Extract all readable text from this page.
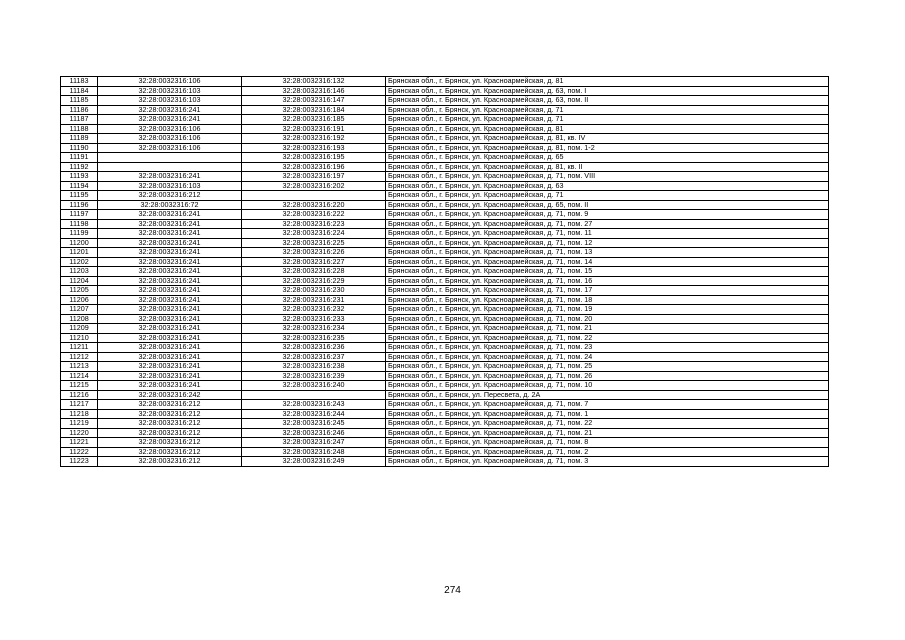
11183	32:28:0032316:106	32:28:0032316:132	Брянская обл., г. Брянск, ул. Красноармейская, д. 81
11184	32:28:0032316:103	32:28:0032316:146	Брянская обл., г. Брянск, ул. Красноармейская, д. 63, пом. I
11185	32:28:0032316:103	32:28:0032316:147	Брянская обл., г. Брянск, ул. Красноармейская, д. 63, пом. II
11186	32:28:0032316:241	32:28:0032316:184	Брянская обл., г. Брянск, ул. Красноармейская, д. 71
11187	32:28:0032316:241	32:28:0032316:185	Брянская обл., г. Брянск, ул. Красноармейская, д. 71
11188	32:28:0032316:106	32:28:0032316:191	Брянская обл., г. Брянск, ул. Красноармейская, д. 81
11189	32:28:0032316:106	32:28:0032316:192	Брянская обл., г. Брянск, ул. Красноармейская, д. 81, кв. IV
11190	32:28:0032316:106	32:28:0032316:193	Брянская обл., г. Брянск, ул. Красноармейская, д. 81, пом. 1-2
11191		32:28:0032316:195	Брянская обл., г. Брянск, ул. Красноармейская, д. 65
11192		32:28:0032316:196	Брянская обл., г. Брянск, ул. Красноармейская, д. 81, кв. II
11193	32:28:0032316:241	32:28:0032316:197	Брянская обл., г. Брянск, ул. Красноармейская, д. 71, пом. VIII
11194	32:28:0032316:103	32:28:0032316:202	Брянская обл., г. Брянск, ул. Красноармейская, д. 63
11195	32:28:0032316:212		Брянская обл., г. Брянск, ул. Красноармейская, д. 71
11196	32:28:0032316:72	32:28:0032316:220	Брянская обл., г. Брянск, ул. Красноармейская, д. 65, пом. II
11197	32:28:0032316:241	32:28:0032316:222	Брянская обл., г. Брянск, ул. Красноармейская, д. 71, пом. 9
11198	32:28:0032316:241	32:28:0032316:223	Брянская обл., г. Брянск, ул. Красноармейская, д. 71, пом. 27
11199	32:28:0032316:241	32:28:0032316:224	Брянская обл., г. Брянск, ул. Красноармейская, д. 71, пом. 11
11200	32:28:0032316:241	32:28:0032316:225	Брянская обл., г. Брянск, ул. Красноармейская, д. 71, пом. 12
11201	32:28:0032316:241	32:28:0032316:226	Брянская обл., г. Брянск, ул. Красноармейская, д. 71, пом. 13
11202	32:28:0032316:241	32:28:0032316:227	Брянская обл., г. Брянск, ул. Красноармейская, д. 71, пом. 14
11203	32:28:0032316:241	32:28:0032316:228	Брянская обл., г. Брянск, ул. Красноармейская, д. 71, пом. 15
11204	32:28:0032316:241	32:28:0032316:229	Брянская обл., г. Брянск, ул. Красноармейская, д. 71, пом. 16
11205	32:28:0032316:241	32:28:0032316:230	Брянская обл., г. Брянск, ул. Красноармейская, д. 71, пом. 17
11206	32:28:0032316:241	32:28:0032316:231	Брянская обл., г. Брянск, ул. Красноармейская, д. 71, пом. 18
11207	32:28:0032316:241	32:28:0032316:232	Брянская обл., г. Брянск, ул. Красноармейская, д. 71, пом. 19
11208	32:28:0032316:241	32:28:0032316:233	Брянская обл., г. Брянск, ул. Красноармейская, д. 71, пом. 20
11209	32:28:0032316:241	32:28:0032316:234	Брянская обл., г. Брянск, ул. Красноармейская, д. 71, пом. 21
11210	32:28:0032316:241	32:28:0032316:235	Брянская обл., г. Брянск, ул. Красноармейская, д. 71, пом. 22
11211	32:28:0032316:241	32:28:0032316:236	Брянская обл., г. Брянск, ул. Красноармейская, д. 71, пом. 23
11212	32:28:0032316:241	32:28:0032316:237	Брянская обл., г. Брянск, ул. Красноармейская, д. 71, пом. 24
11213	32:28:0032316:241	32:28:0032316:238	Брянская обл., г. Брянск, ул. Красноармейская, д. 71, пом. 25
11214	32:28:0032316:241	32:28:0032316:239	Брянская обл., г. Брянск, ул. Красноармейская, д. 71, пом. 26
11215	32:28:0032316:241	32:28:0032316:240	Брянская обл., г. Брянск, ул. Красноармейская, д. 71, пом. 10
11216	32:28:0032316:242		Брянская обл., г. Брянск, ул. Пересвета, д. 2А
11217	32:28:0032316:212	32:28:0032316:243	Брянская обл., г. Брянск, ул. Красноармейская, д. 71, пом. 7
11218	32:28:0032316:212	32:28:0032316:244	Брянская обл., г. Брянск, ул. Красноармейская, д. 71, пом. 1
11219	32:28:0032316:212	32:28:0032316:245	Брянская обл., г. Брянск, ул. Красноармейская, д. 71, пом. 22
11220	32:28:0032316:212	32:28:0032316:246	Брянская обл., г. Брянск, ул. Красноармейская, д. 71, пом. 21
11221	32:28:0032316:212	32:28:0032316:247	Брянская обл., г. Брянск, ул. Красноармейская, д. 71, пом. 8
11222	32:28:0032316:212	32:28:0032316:248	Брянская обл., г. Брянск, ул. Красноармейская, д. 71, пом. 2
11223	32:28:0032316:212	32:28:0032316:249	Брянская обл., г. Брянск, ул. Красноармейская, д. 71, пом. 3
274
